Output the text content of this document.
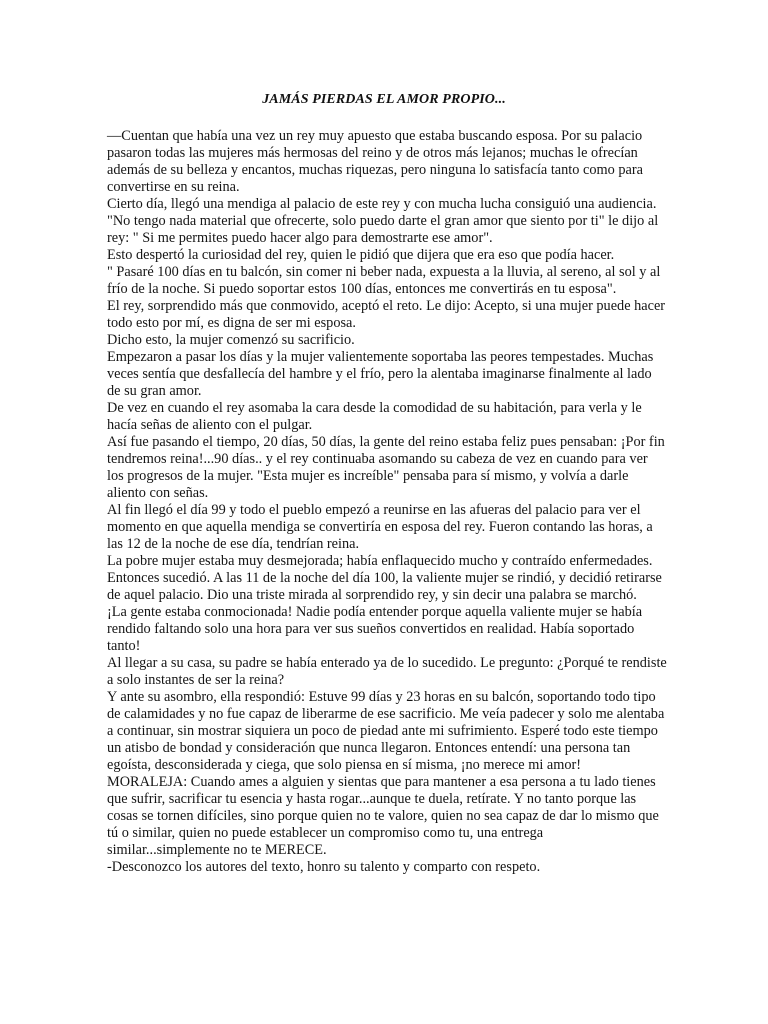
JAMÁS PIERDAS EL AMOR PROPIO...

—Cuentan que había una vez un rey muy apuesto que estaba buscando esposa. Por su palacio pasaron todas las mujeres más hermosas del reino y de otros más lejanos; muchas le ofrecían además de su belleza y encantos, muchas riquezas, pero ninguna lo satisfacía tanto como para convertirse en su reina.

Cierto día, llegó una mendiga al palacio de este rey y con mucha lucha consiguió una audiencia.

"No tengo nada material que ofrecerte, solo puedo darte el gran amor que siento por ti" le dijo al rey: " Si me permites puedo hacer algo para demostrarte ese amor".

Esto despertó la curiosidad del rey, quien le pidió que dijera que era eso que podía hacer.

" Pasaré 100 días en tu balcón, sin comer ni beber nada, expuesta a la lluvia, al sereno, al sol y al frío de la noche. Si puedo soportar estos 100 días, entonces me convertirás en tu esposa".

El rey, sorprendido más que conmovido, aceptó el reto. Le dijo: Acepto, si una mujer puede hacer todo esto por mí, es digna de ser mi esposa.

Dicho esto, la mujer comenzó su sacrificio.

Empezaron a pasar los días y la mujer valientemente soportaba las peores tempestades. Muchas veces sentía que desfallecía del hambre y el frío, pero la alentaba imaginarse finalmente al lado de su gran amor.

De vez en cuando el rey asomaba la cara desde la comodidad de su habitación, para verla y le hacía señas de aliento con el pulgar.

Así fue pasando el tiempo, 20 días, 50 días, la gente del reino estaba feliz pues pensaban: ¡Por fin tendremos reina!...90 días.. y el rey continuaba asomando su cabeza de vez en cuando para ver los progresos de la mujer. "Esta mujer es increíble" pensaba para sí mismo, y volvía a darle aliento con señas.

Al fin llegó el día 99 y todo el pueblo empezó a reunirse en las afueras del palacio para ver el momento en que aquella mendiga se convertiría en esposa del rey. Fueron contando las horas, a las 12 de la noche de ese día, tendrían reina.

La pobre mujer estaba muy desmejorada; había enflaquecido mucho y contraído enfermedades.

Entonces sucedió. A las 11 de la noche del día 100, la valiente mujer se rindió, y decidió retirarse de aquel palacio. Dio una triste mirada al sorprendido rey, y sin decir una palabra se marchó.

¡La gente estaba conmocionada! Nadie podía entender porque aquella valiente mujer se había rendido faltando solo una hora para ver sus sueños convertidos en realidad. Había soportado tanto!

Al llegar a su casa, su padre se había enterado ya de lo sucedido. Le pregunto: ¿Porqué te rendiste a solo instantes de ser la reina?

Y ante su asombro, ella respondió: Estuve 99 días y 23 horas en su balcón, soportando todo tipo de calamidades y no fue capaz de liberarme de ese sacrificio. Me veía padecer y solo me alentaba a continuar, sin mostrar siquiera un poco de piedad ante mi sufrimiento. Esperé todo este tiempo un atisbo de bondad y consideración que nunca llegaron. Entonces entendí: una persona tan egoísta, desconsiderada y ciega, que solo piensa en sí misma, ¡no merece mi amor!

MORALEJA: Cuando ames a alguien y sientas que para mantener a esa persona a tu lado tienes que sufrir, sacrificar tu esencia y hasta rogar...aunque te duela, retírate. Y no tanto porque las cosas se tornen difíciles, sino porque quien no te valore, quien no sea capaz de dar lo mismo que tú o similar, quien no puede establecer un compromiso como tu, una entrega similar...simplemente no te MERECE.

-Desconozco los autores del texto, honro su talento y comparto con respeto.
